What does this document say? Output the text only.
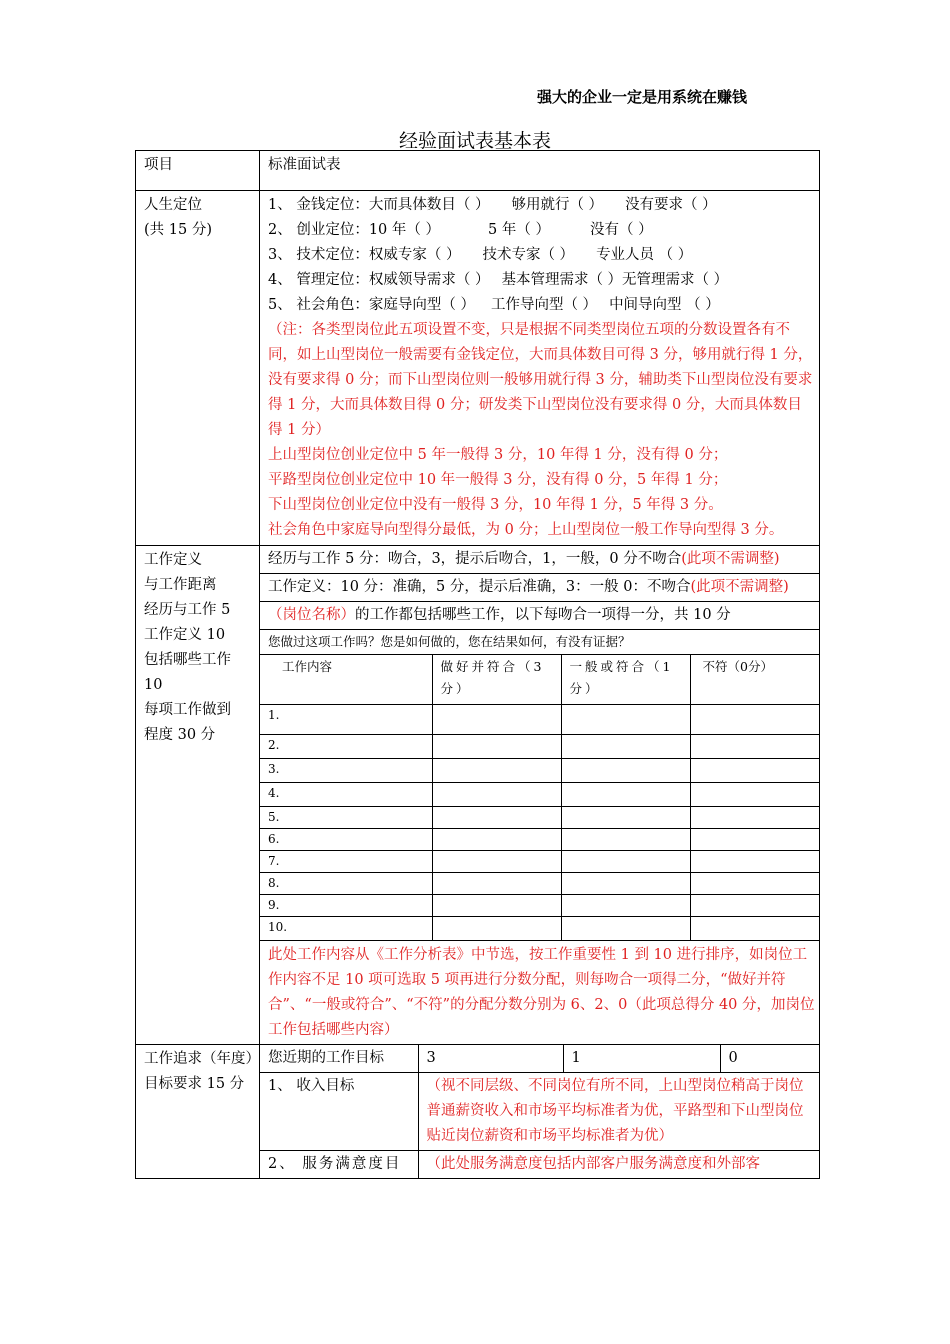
强大的企业一定是用系统在赚钱
经验面试表基本表
项目	标准面试表

人生定位
(共 15 分)

1、 金钱定位：大而具体数目（ ） 够用就行（ ） 没有要求（ ）
2、 创业定位：10 年（ ）	5 年（ ）	没有（ ）
3、 技术定位：权威专家（ ） 技术专家（ ） 专业人员 （ ）
4、 管理定位：权威领导需求（ ） 基本管理需求（ ）无管理需求（ ）
5、 社会角色：家庭导向型（ ） 工作导向型（ ） 中间导向型 （ ）
（注：各类型岗位此五项设置不变，只是根据不同类型岗位五项的分数设置各有不同，如上山型岗位一般需要有金钱定位，大而具体数目可得 3 分，够用就行得 1 分，没有要求得 0 分；而下山型岗位则一般够用就行得 3 分，辅助类下山型岗位没有要求得 1 分，大而具体数目得 0 分；研发类下山型岗位没有要求得 0 分，大而具体数目得 1 分）
上山型岗位创业定位中 5 年一般得 3 分，10 年得 1 分，没有得 0 分；
平路型岗位创业定位中 10 年一般得 3 分，没有得 0 分，5 年得 1 分；
下山型岗位创业定位中没有一般得 3 分，10 年得 1 分，5 年得 3 分。
社会角色中家庭导向型得分最低，为 0 分；上山型岗位一般工作导向型得 3 分。

工作定义
与工作距离
经历与工作 5
工作定义 10
包括哪些工作
10
每项工作做到
程度 30 分

经历与工作 5 分：吻合，3，提示后吻合，1，一般，0 分不吻合(此项不需调整)
工作定义：10 分：准确，5 分，提示后准确，3：一般 0：不吻合(此项不需调整)
（岗位名称）的工作都包括哪些工作，以下每吻合一项得一分，共 10 分
您做过这项工作吗？您是如何做的，您在结果如何，有没有证据？
工作内容	做好并符合（3分）	一般或符合（1分）	不符（0分）
1.			
2.			
3.			
4.			
5.			
6.			
7.			
8.			
9.			
10.			
此处工作内容从《工作分析表》中节选，按工作重要性 1 到 10 进行排序，如岗位工作内容不足 10 项可选取 5 项再进行分数分配，则每吻合一项得二分，“做好并符合”、“一般或符合”、“不符”的分配分数分别为 6、2、0（此项总得分 40 分，加岗位工作包括哪些内容）

工作追求（年度）
目标要求 15 分

您近期的工作目标	3	1	0
1、 收入目标	（视不同层级、不同岗位有所不同，上山型岗位稍高于岗位普通薪资收入和市场平均标准者为优，平路型和下山型岗位贴近岗位薪资和市场平均标准者为优）
2、 服务满意度目	（此处服务满意度包括内部客户服务满意度和外部客
